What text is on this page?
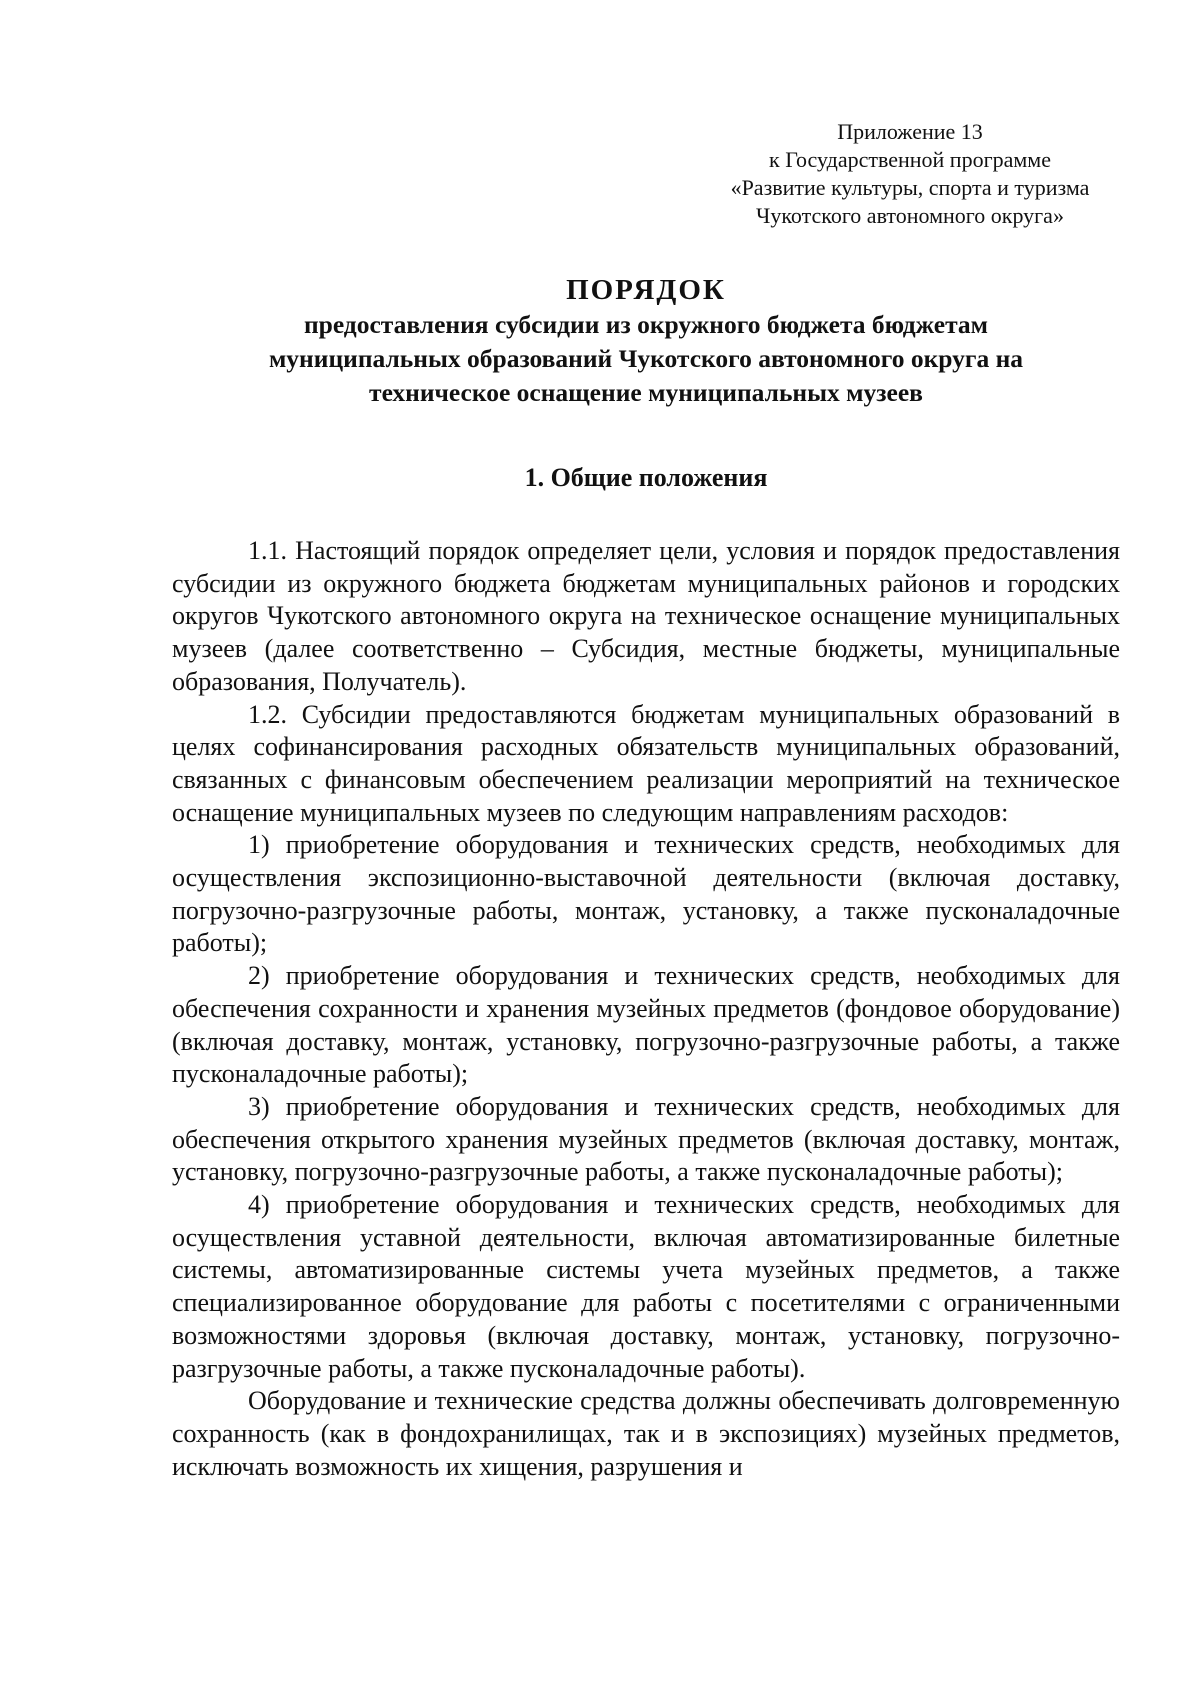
Приложение 13
к Государственной программе
«Развитие культуры, спорта и туризма
Чукотского автономного округа»
ПОРЯДОК
предоставления субсидии из окружного бюджета бюджетам
муниципальных образований Чукотского автономного округа на
техническое оснащение муниципальных музеев
1. Общие положения

1.1. Настоящий порядок определяет цели, условия и порядок предоставления субсидии из окружного бюджета бюджетам муниципальных районов и городских округов Чукотского автономного округа на техническое оснащение муниципальных музеев (далее соответственно – Субсидия, местные бюджеты, муниципальные образования, Получатель).

1.2. Субсидии предоставляются бюджетам муниципальных образований в целях софинансирования расходных обязательств муниципальных образований, связанных с финансовым обеспечением реализации мероприятий на техническое оснащение муниципальных музеев по следующим направлениям расходов:

1) приобретение оборудования и технических средств, необходимых для осуществления экспозиционно-выставочной деятельности (включая доставку, погрузочно-разгрузочные работы, монтаж, установку, а также пусконаладочные работы);

2) приобретение оборудования и технических средств, необходимых для обеспечения сохранности и хранения музейных предметов (фондовое оборудование) (включая доставку, монтаж, установку, погрузочно-разгрузочные работы, а также пусконаладочные работы);

3) приобретение оборудования и технических средств, необходимых для обеспечения открытого хранения музейных предметов (включая доставку, монтаж, установку, погрузочно-разгрузочные работы, а также пусконаладочные работы);

4) приобретение оборудования и технических средств, необходимых для осуществления уставной деятельности, включая автоматизированные билетные системы, автоматизированные системы учета музейных предметов, а также специализированное оборудование для работы с посетителями с ограниченными возможностями здоровья (включая доставку, монтаж, установку, погрузочно-разгрузочные работы, а также пусконаладочные работы).

Оборудование и технические средства должны обеспечивать долговременную сохранность (как в фондохранилищах, так и в экспозициях) музейных предметов, исключать возможность их хищения, разрушения и
